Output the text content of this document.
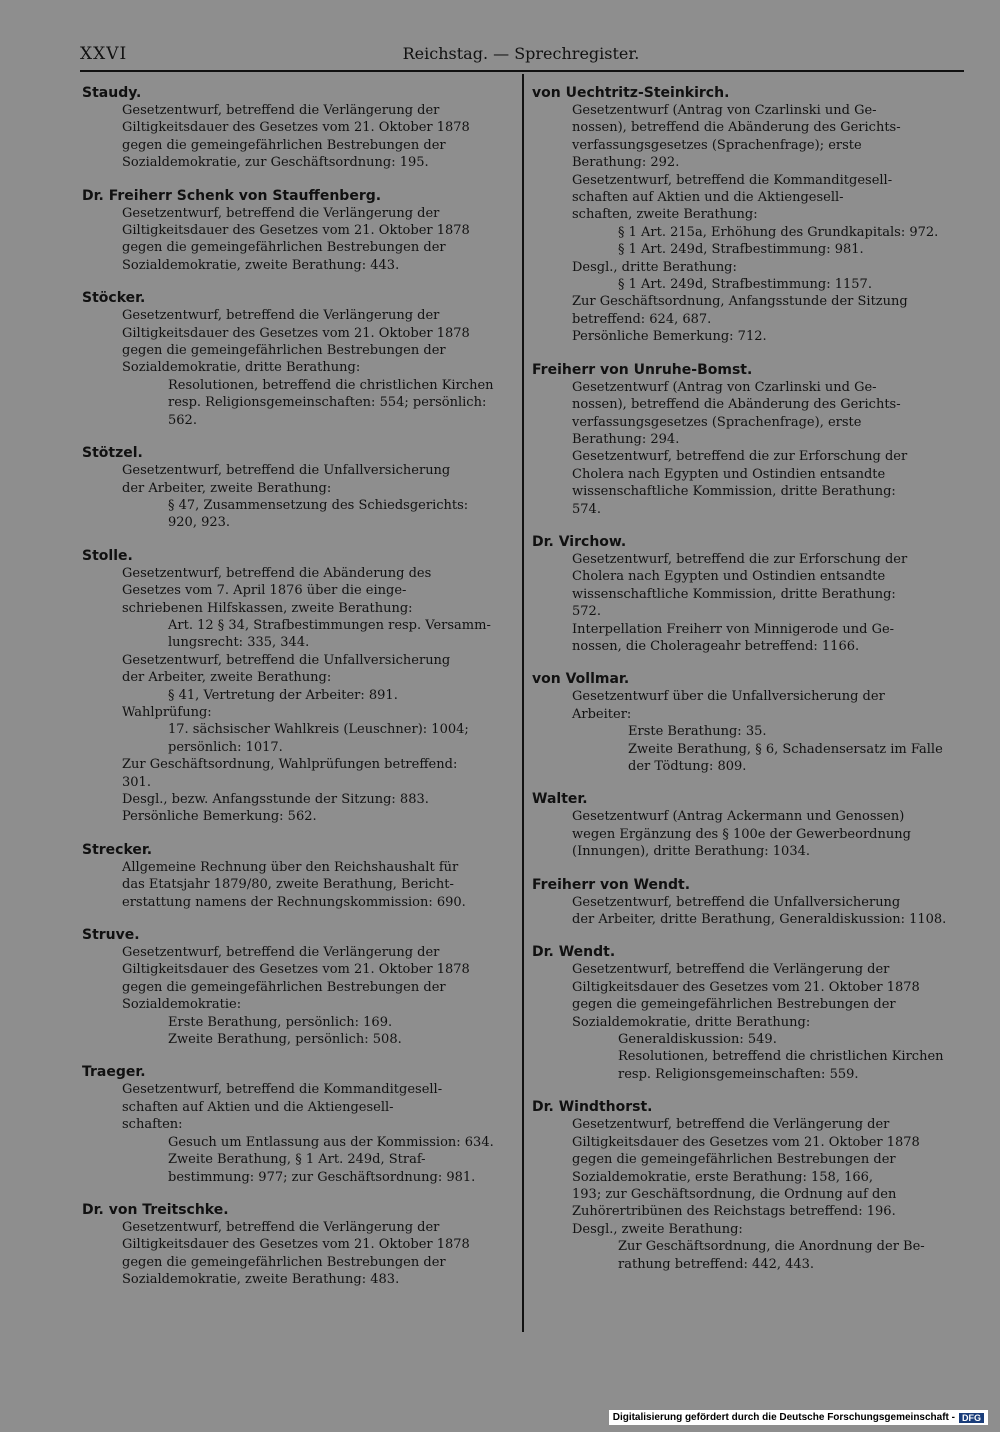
XXVI	Reichstag. — Sprechregister.
Staudy.
Gesetzentwurf, betreffend die Verlängerung der
Giltigkeitsdauer des Gesetzes vom 21. Oktober 1878
gegen die gemeingefährlichen Bestrebungen der
Sozialdemokratie, zur Geschäftsordnung: 195.
Dr. Freiherr Schenk von Stauffenberg.
Gesetzentwurf, betreffend die Verlängerung der
Giltigkeitsdauer des Gesetzes vom 21. Oktober 1878
gegen die gemeingefährlichen Bestrebungen der
Sozialdemokratie, zweite Berathung: 443.
Stöcker.
Gesetzentwurf, betreffend die Verlängerung der
Giltigkeitsdauer des Gesetzes vom 21. Oktober 1878
gegen die gemeingefährlichen Bestrebungen der
Sozialdemokratie, dritte Berathung:
Resolutionen, betreffend die christlichen Kirchen
resp. Religionsgemeinschaften: 554; persönlich:
562.
Stötzel.
Gesetzentwurf, betreffend die Unfallversicherung
der Arbeiter, zweite Berathung:
§ 47, Zusammensetzung des Schiedsgerichts:
920, 923.
Stolle.
Gesetzentwurf, betreffend die Abänderung des
Gesetzes vom 7. April 1876 über die einge-
schriebenen Hilfskassen, zweite Berathung:
Art. 12 § 34, Strafbestimmungen resp. Versamm-
lungsrecht: 335, 344.
Gesetzentwurf, betreffend die Unfallversicherung
der Arbeiter, zweite Berathung:
§ 41, Vertretung der Arbeiter: 891.
Wahlprüfung:
17. sächsischer Wahlkreis (Leuschner): 1004;
persönlich: 1017.
Zur Geschäftsordnung, Wahlprüfungen betreffend:
301.
Desgl., bezw. Anfangsstunde der Sitzung: 883.
Persönliche Bemerkung: 562.
Strecker.
Allgemeine Rechnung über den Reichshaushalt für
das Etatsjahr 1879/80, zweite Berathung, Bericht-
erstattung namens der Rechnungskommission: 690.
Struve.
Gesetzentwurf, betreffend die Verlängerung der
Giltigkeitsdauer des Gesetzes vom 21. Oktober 1878
gegen die gemeingefährlichen Bestrebungen der
Sozialdemokratie:
Erste Berathung, persönlich: 169.
Zweite Berathung, persönlich: 508.
Traeger.
Gesetzentwurf, betreffend die Kommanditgesell-
schaften auf Aktien und die Aktiengesell-
schaften:
Gesuch um Entlassung aus der Kommission: 634.
Zweite Berathung, § 1 Art. 249d, Straf-
bestimmung: 977; zur Geschäftsordnung: 981.
Dr. von Treitschke.
Gesetzentwurf, betreffend die Verlängerung der
Giltigkeitsdauer des Gesetzes vom 21. Oktober 1878
gegen die gemeingefährlichen Bestrebungen der
Sozialdemokratie, zweite Berathung: 483.
von Uechtritz-Steinkirch.
Gesetzentwurf (Antrag von Czarlinski und Ge-
nossen), betreffend die Abänderung des Gerichts-
verfassungsgesetzes (Sprachenfrage); erste
Berathung: 292.
Gesetzentwurf, betreffend die Kommanditgesell-
schaften auf Aktien und die Aktiengesell-
schaften, zweite Berathung:
§ 1 Art. 215a, Erhöhung des Grundkapitals: 972.
§ 1 Art. 249d, Strafbestimmung: 981.
Desgl., dritte Berathung:
§ 1 Art. 249d, Strafbestimmung: 1157.
Zur Geschäftsordnung, Anfangsstunde der Sitzung
betreffend: 624, 687.
Persönliche Bemerkung: 712.
Freiherr von Unruhe-Bomst.
Gesetzentwurf (Antrag von Czarlinski und Ge-
nossen), betreffend die Abänderung des Gerichts-
verfassungsgesetzes (Sprachenfrage), erste
Berathung: 294.
Gesetzentwurf, betreffend die zur Erforschung der
Cholera nach Egypten und Ostindien entsandte
wissenschaftliche Kommission, dritte Berathung:
574.
Dr. Virchow.
Gesetzentwurf, betreffend die zur Erforschung der
Cholera nach Egypten und Ostindien entsandte
wissenschaftliche Kommission, dritte Berathung:
572.
Interpellation Freiherr von Minnigerode und Ge-
nossen, die Cholerageahr betreffend: 1166.
von Vollmar.
Gesetzentwurf über die Unfallversicherung der
Arbeiter:
Erste Berathung: 35.
Zweite Berathung, § 6, Schadensersatz im Falle
der Tödtung: 809.
Walter.
Gesetzentwurf (Antrag Ackermann und Genossen)
wegen Ergänzung des § 100e der Gewerbeordnung
(Innungen), dritte Berathung: 1034.
Freiherr von Wendt.
Gesetzentwurf, betreffend die Unfallversicherung
der Arbeiter, dritte Berathung, Generaldiskussion: 1108.
Dr. Wendt.
Gesetzentwurf, betreffend die Verlängerung der
Giltigkeitsdauer des Gesetzes vom 21. Oktober 1878
gegen die gemeingefährlichen Bestrebungen der
Sozialdemokratie, dritte Berathung:
Generaldiskussion: 549.
Resolutionen, betreffend die christlichen Kirchen
resp. Religionsgemeinschaften: 559.
Dr. Windthorst.
Gesetzentwurf, betreffend die Verlängerung der
Giltigkeitsdauer des Gesetzes vom 21. Oktober 1878
gegen die gemeingefährlichen Bestrebungen der
Sozialdemokratie, erste Berathung: 158, 166,
193; zur Geschäftsordnung, die Ordnung auf den
Zuhörertribünen des Reichstags betreffend: 196.
Desgl., zweite Berathung:
Zur Geschäftsordnung, die Anordnung der Be-
rathung betreffend: 442, 443.
Digitalisierung gefördert durch die Deutsche Forschungsgemeinschaft - DFG
